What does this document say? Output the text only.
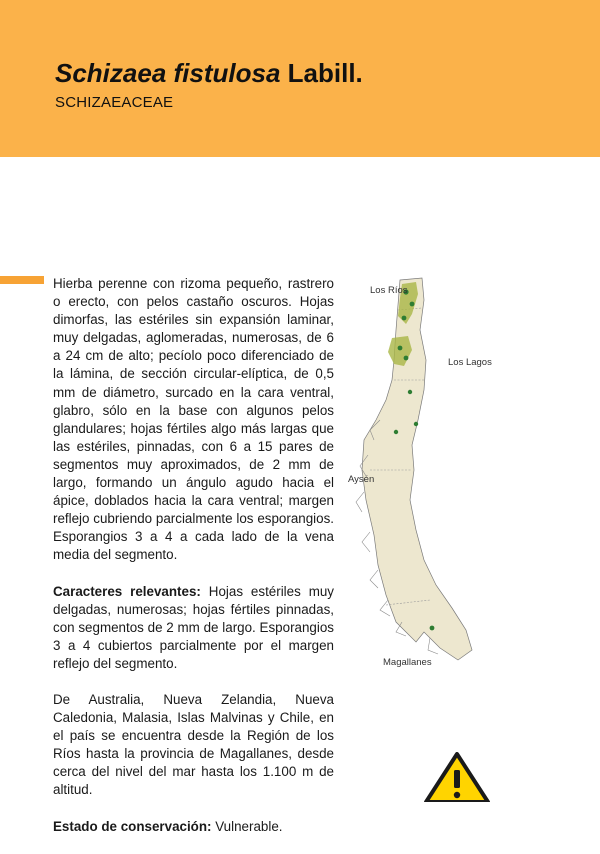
Schizaea fistulosa Labill.
SCHIZAEACEAE

Hierba perenne con rizoma pequeño, rastrero o erecto, con pelos castaño oscuros. Hojas dimorfas, las estériles sin expansión laminar, muy delgadas, aglomeradas, numerosas, de 6 a 24 cm de alto; pecíolo poco diferenciado de la lámina, de sección circular-elíptica, de 0,5 mm de diámetro, surcado en la cara ventral, glabro, sólo en la base con algunos pelos glandulares; hojas fértiles algo más largas que las estériles, pinnadas, con 6 a 15 pares de segmentos muy aproximados, de 2 mm de largo, formando un ángulo agudo hacia el ápice, doblados hacia la cara ventral; margen reflejo cubriendo parcialmente los esporangios. Esporangios 3 a 4 a cada lado de la vena media del segmento.

Caracteres relevantes: Hojas estériles muy delgadas, numerosas; hojas fértiles pinnadas, con segmentos de 2 mm de largo. Esporangios 3 a 4 cubiertos parcialmente por el margen reflejo del segmento.

De Australia, Nueva Zelandia, Nueva Caledonia, Malasia, Islas Malvinas y Chile, en el país se encuentra desde la Región de los Ríos hasta la provincia de Magallanes, desde cerca del nivel del mar hasta los 1.100 m de altitud.

Estado de conservación: Vulnerable.

Los Ríos
Los Lagos
Aysén
Magallanes
